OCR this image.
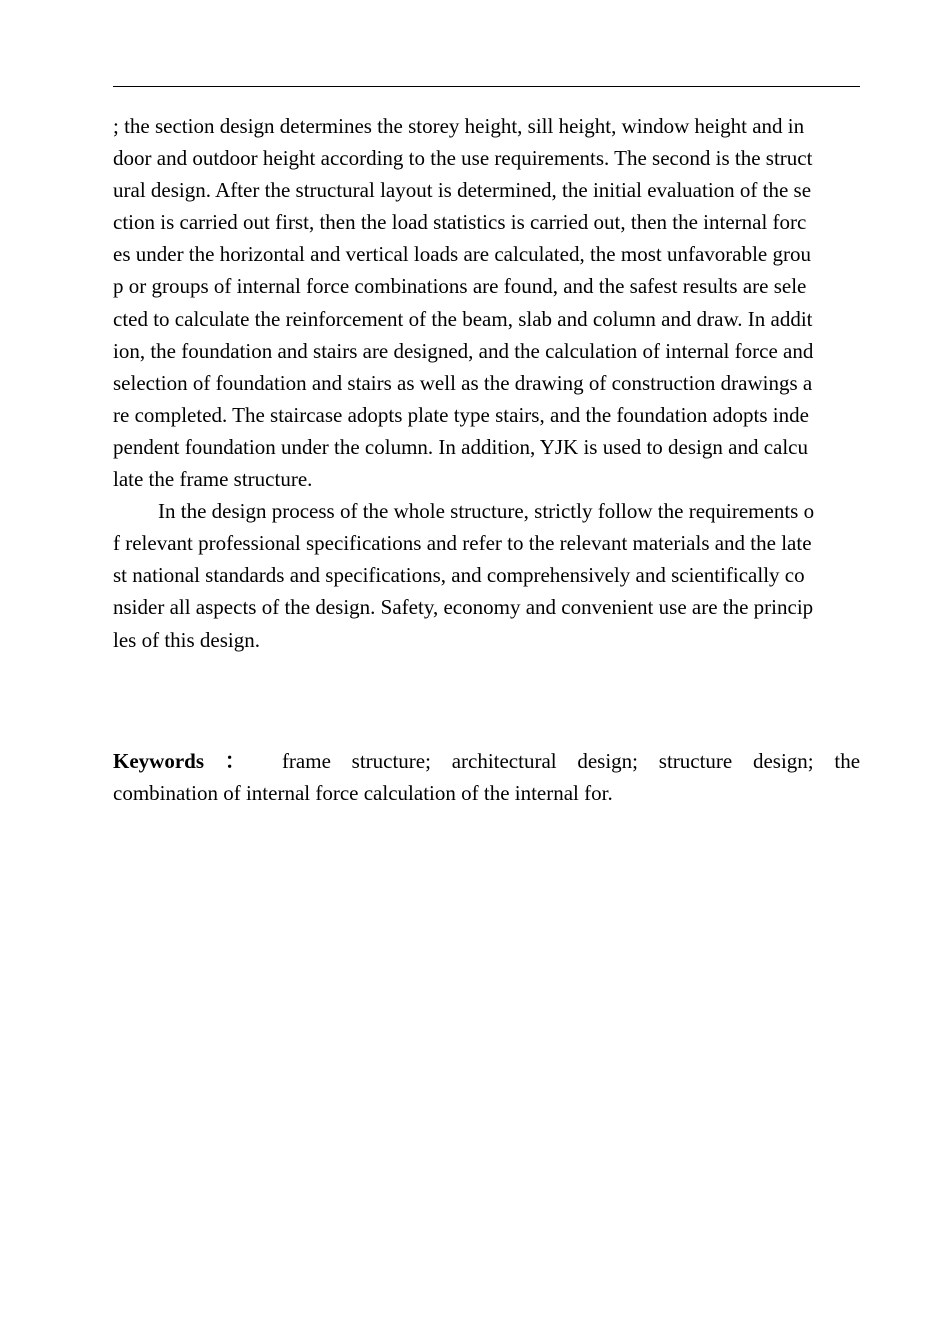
; the section design determines the storey height, sill height, window height and in
door and outdoor height according to the use requirements. The second is the struct
ural design. After the structural layout is determined, the initial evaluation of the se
ction is carried out first, then the load statistics is carried out, then the internal forc
es under the horizontal and vertical loads are calculated, the most unfavorable grou
p or groups of internal force combinations are found, and the safest results are sele
cted to calculate the reinforcement of the beam, slab and column and draw. In addit
ion, the foundation and stairs are designed, and the calculation of internal force and
selection of foundation and stairs as well as the drawing of construction drawings a
re completed. The staircase adopts plate type stairs, and the foundation adopts inde
pendent foundation under the column. In addition, YJK is used to design and calcu
late the frame structure.
In the design process of the whole structure, strictly follow the requirements o
f relevant professional specifications and refer to the relevant materials and the late
st national standards and specifications, and comprehensively and scientifically co
nsider all aspects of the design. Safety, economy and convenient use are the princip
les of this design.
Keywords ： frame structure; architectural design; structure design; the
combination of internal force calculation of the internal for.
